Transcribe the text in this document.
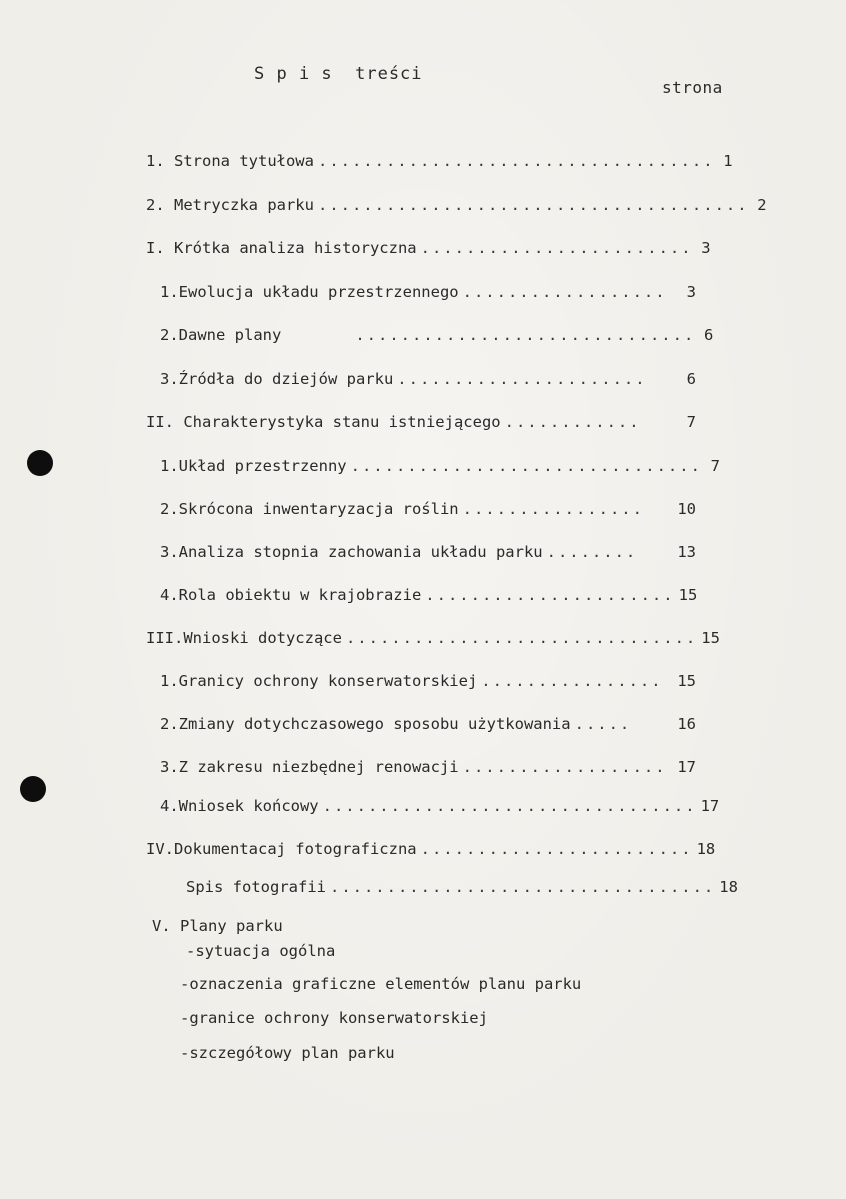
S p i s  treści
strona
1. Strona tytułowa ................................... 1
2. Metryczka parku ...................................... 2
I. Krótka analiza historyczna ........................ 3
1.Ewolucja układu przestrzennego ..................	3
2.Dawne plany	.............................. 6
3.Źródła do dziejów parku ......................	6
II. Charakterystyka stanu istniejącego ............	7
1.Układ przestrzenny ............................... 7
2.Skrócona inwentaryzacja roślin ................	10
3.Analiza stopnia zachowania układu parku ........	13
4.Rola obiektu w krajobrazie ...................... 15
III.Wnioski dotyczące ............................... 15
1.Granicy ochrony konserwatorskiej ................ 15
2.Zmiany dotychczasowego sposobu użytkowania .....	16
3.Z zakresu niezbędnej renowacji .................. 17
4.Wniosek końcowy ................................. 17
IV.Dokumentacaj fotograficzna ........................ 18
Spis fotografii .................................. 18
V. Plany parku
-sytuacja ogólna
-oznaczenia graficzne elementów planu parku
-granice ochrony konserwatorskiej
-szczegółowy plan parku
